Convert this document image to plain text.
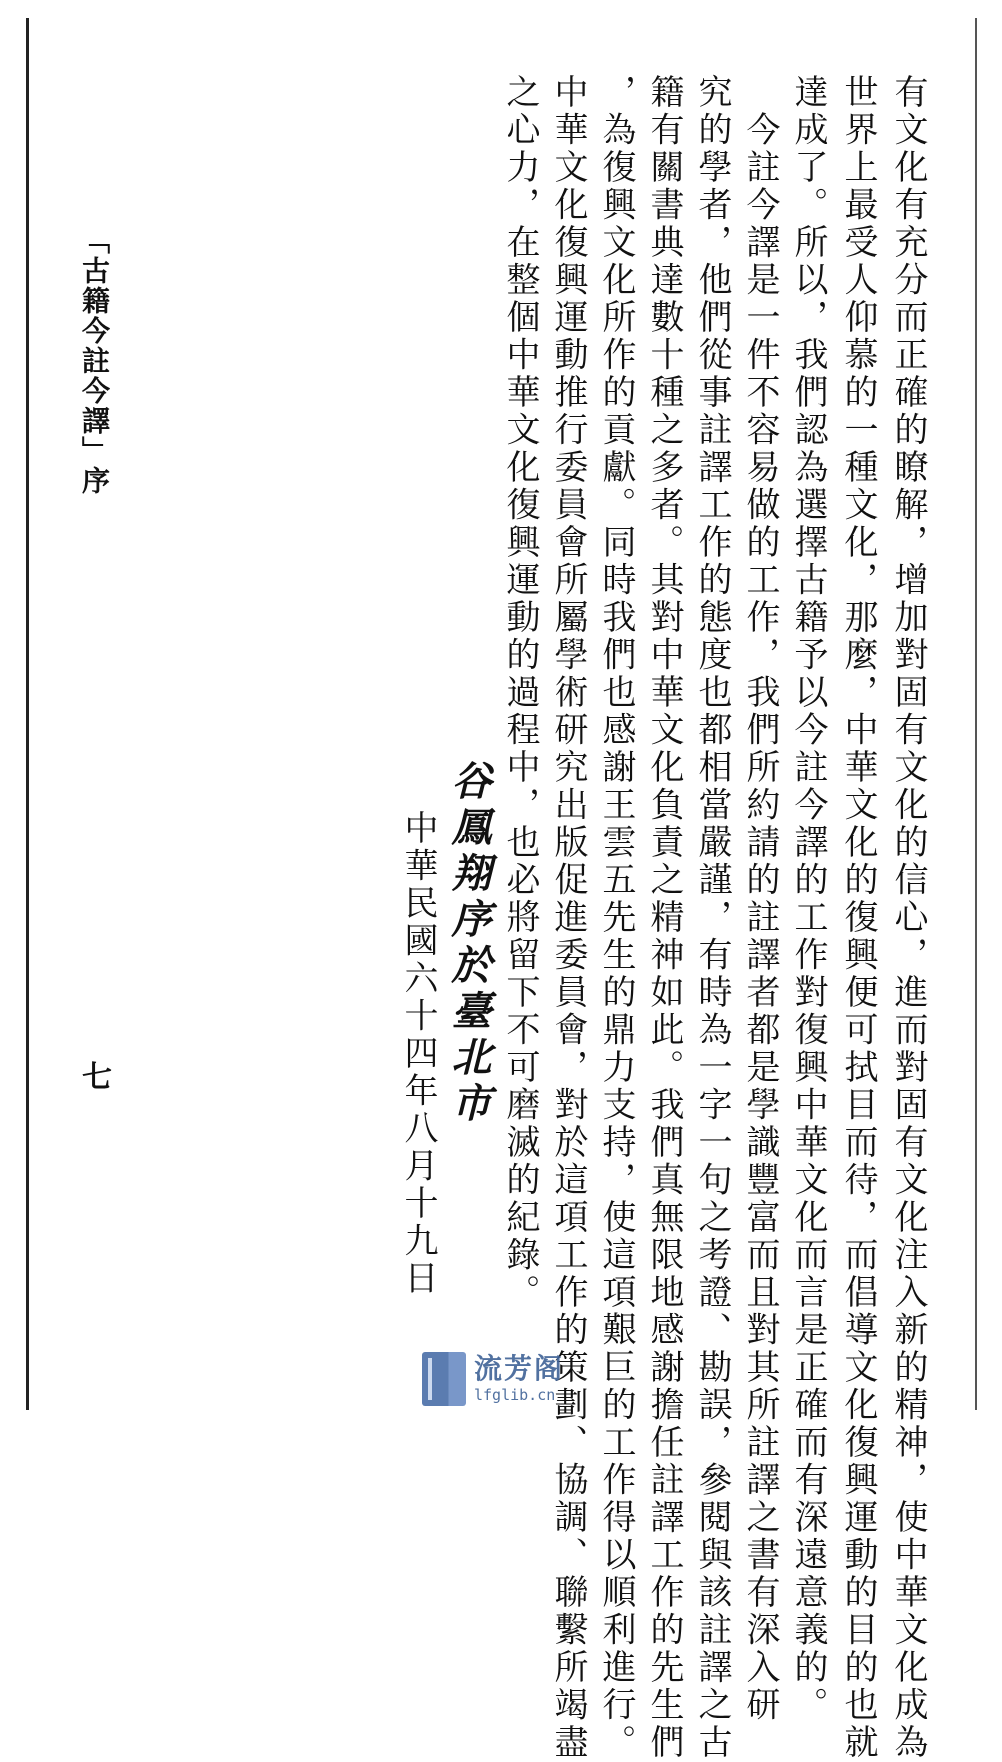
「古籍今註今譯」序
七	有文化有充分而正確的瞭解，增加對固有文化的信心，進而對固有文化注入新的精神，使中華文化成為
世界上最受人仰慕的一種文化，那麼，中華文化的復興便可拭目而待，而倡導文化復興運動的目的也就
達成了。所以，我們認為選擇古籍予以今註今譯的工作對復興中華文化而言是正確而有深遠意義的。
　今註今譯是一件不容易做的工作，我們所約請的註譯者都是學識豐富而且對其所註譯之書有深入研
究的學者，他們從事註譯工作的態度也都相當嚴謹，有時為一字一句之考證、勘誤，參閱與該註譯之古
籍有關書典達數十種之多者。其對中華文化負責之精神如此。我們真無限地感謝擔任註譯工作的先生們
，為復興文化所作的貢獻。同時我們也感謝王雲五先生的鼎力支持，使這項艱巨的工作得以順利進行。
中華文化復興運動推行委員會所屬學術研究出版促進委員會，對於這項工作的策劃、協調、聯繫所竭盡
之心力，在整個中華文化復興運動的過程中，也必將留下不可磨滅的紀錄。
谷鳳翔序於臺北市
中華民國六十四年八月十九日
流芳阁
lfglib.cn
